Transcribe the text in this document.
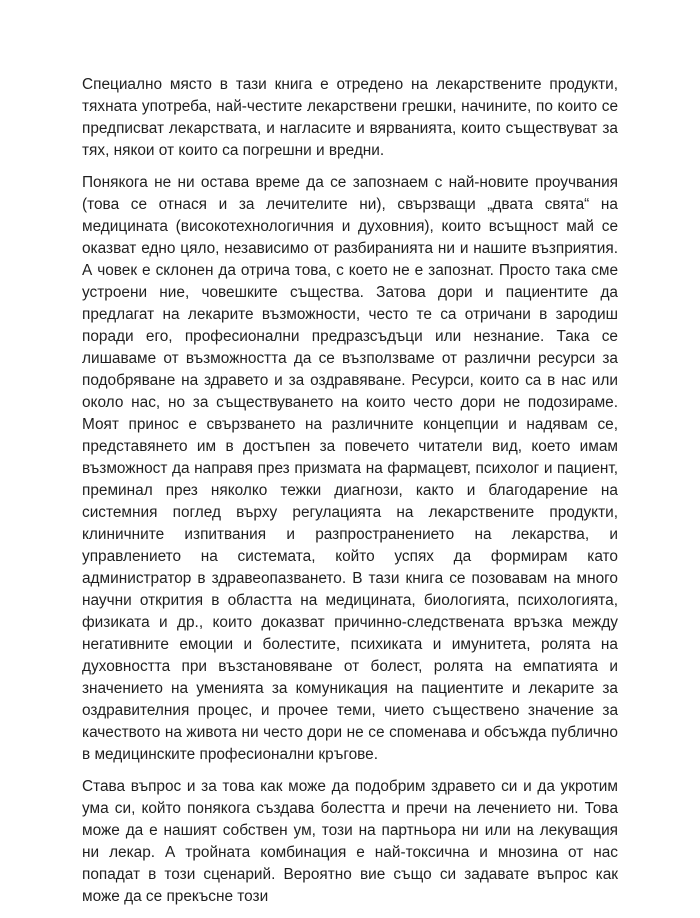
Специално място в тази книга е отредено на лекарствените продукти, тяхната употреба, най-честите лекарствени грешки, начините, по които се предписват лекарствата, и нагласите и вярванията, които съществуват за тях, някои от които са погрешни и вредни.

Понякога не ни остава време да се запознаем с най-новите проучвания (това се отнася и за лечителите ни), свързващи „двата свята“ на медицината (високотехнологичния и духовния), които всъщност май се оказват едно цяло, независимо от разбиранията ни и нашите възприятия. А човек е склонен да отрича това, с което не е запознат. Просто така сме устроени ние, човешките същества. Затова дори и пациентите да предлагат на лекарите възможности, често те са отричани в зародиш поради его, професионални предразсъдъци или незнание. Така се лишаваме от възможността да се възползваме от различни ресурси за подобряване на здравето и за оздравяване. Ресурси, които са в нас или около нас, но за съществуването на които често дори не подозираме. Моят принос е свързването на различните концепции и надявам се, представянето им в достъпен за повечето читатели вид, което имам възможност да направя през призмата на фармацевт, психолог и пациент, преминал през няколко тежки диагнози, както и благодарение на системния поглед върху регулацията на лекарствените продукти, клиничните изпитвания и разпространението на лекарства, и управлението на системата, който успях да формирам като администратор в здравеопазването. В тази книга се позовавам на много научни открития в областта на медицината, биологията, психологията, физиката и др., които доказват причинно-следствената връзка между негативните емоции и болестите, психиката и имунитета, ролята на духовността при възстановяване от болест, ролята на емпатията и значението на уменията за комуникация на пациентите и лекарите за оздравителния процес, и прочее теми, чието съществено значение за качеството на живота ни често дори не се споменава и обсъжда публично в медицинските професионални кръгове.

Става въпрос и за това как може да подобрим здравето си и да укротим ума си, който понякога създава болестта и пречи на лечението ни. Това може да е нашият собствен ум, този на партньора ни или на лекуващия ни лекар. А тройната комбинация е най-токсична и мнозина от нас попадат в този сценарий. Вероятно вие също си задавате въпрос как може да се прекъсне този
